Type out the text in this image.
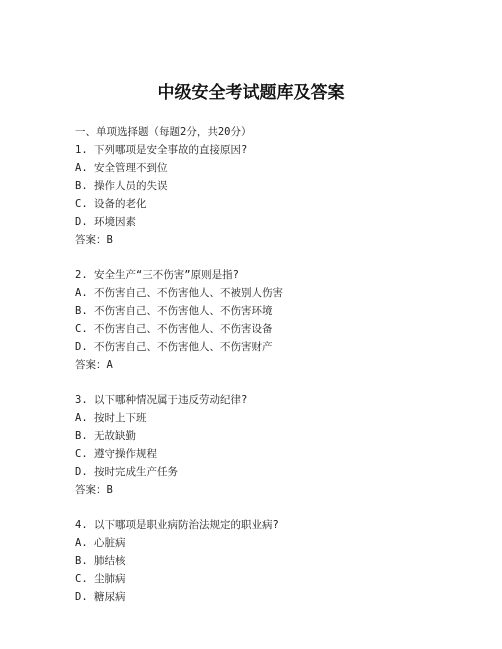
中级安全考试题库及答案
一、单项选择题（每题2分，共20分）
1. 下列哪项是安全事故的直接原因?
A. 安全管理不到位
B. 操作人员的失误
C. 设备的老化
D. 环境因素
答案：B
2. 安全生产“三不伤害”原则是指?
A. 不伤害自己、不伤害他人、不被别人伤害
B. 不伤害自己、不伤害他人、不伤害环境
C. 不伤害自己、不伤害他人、不伤害设备
D. 不伤害自己、不伤害他人、不伤害财产
答案：A
3. 以下哪种情况属于违反劳动纪律?
A. 按时上下班
B. 无故缺勤
C. 遵守操作规程
D. 按时完成生产任务
答案：B
4. 以下哪项是职业病防治法规定的职业病?
A. 心脏病
B. 肺结核
C. 尘肺病
D. 糖尿病
